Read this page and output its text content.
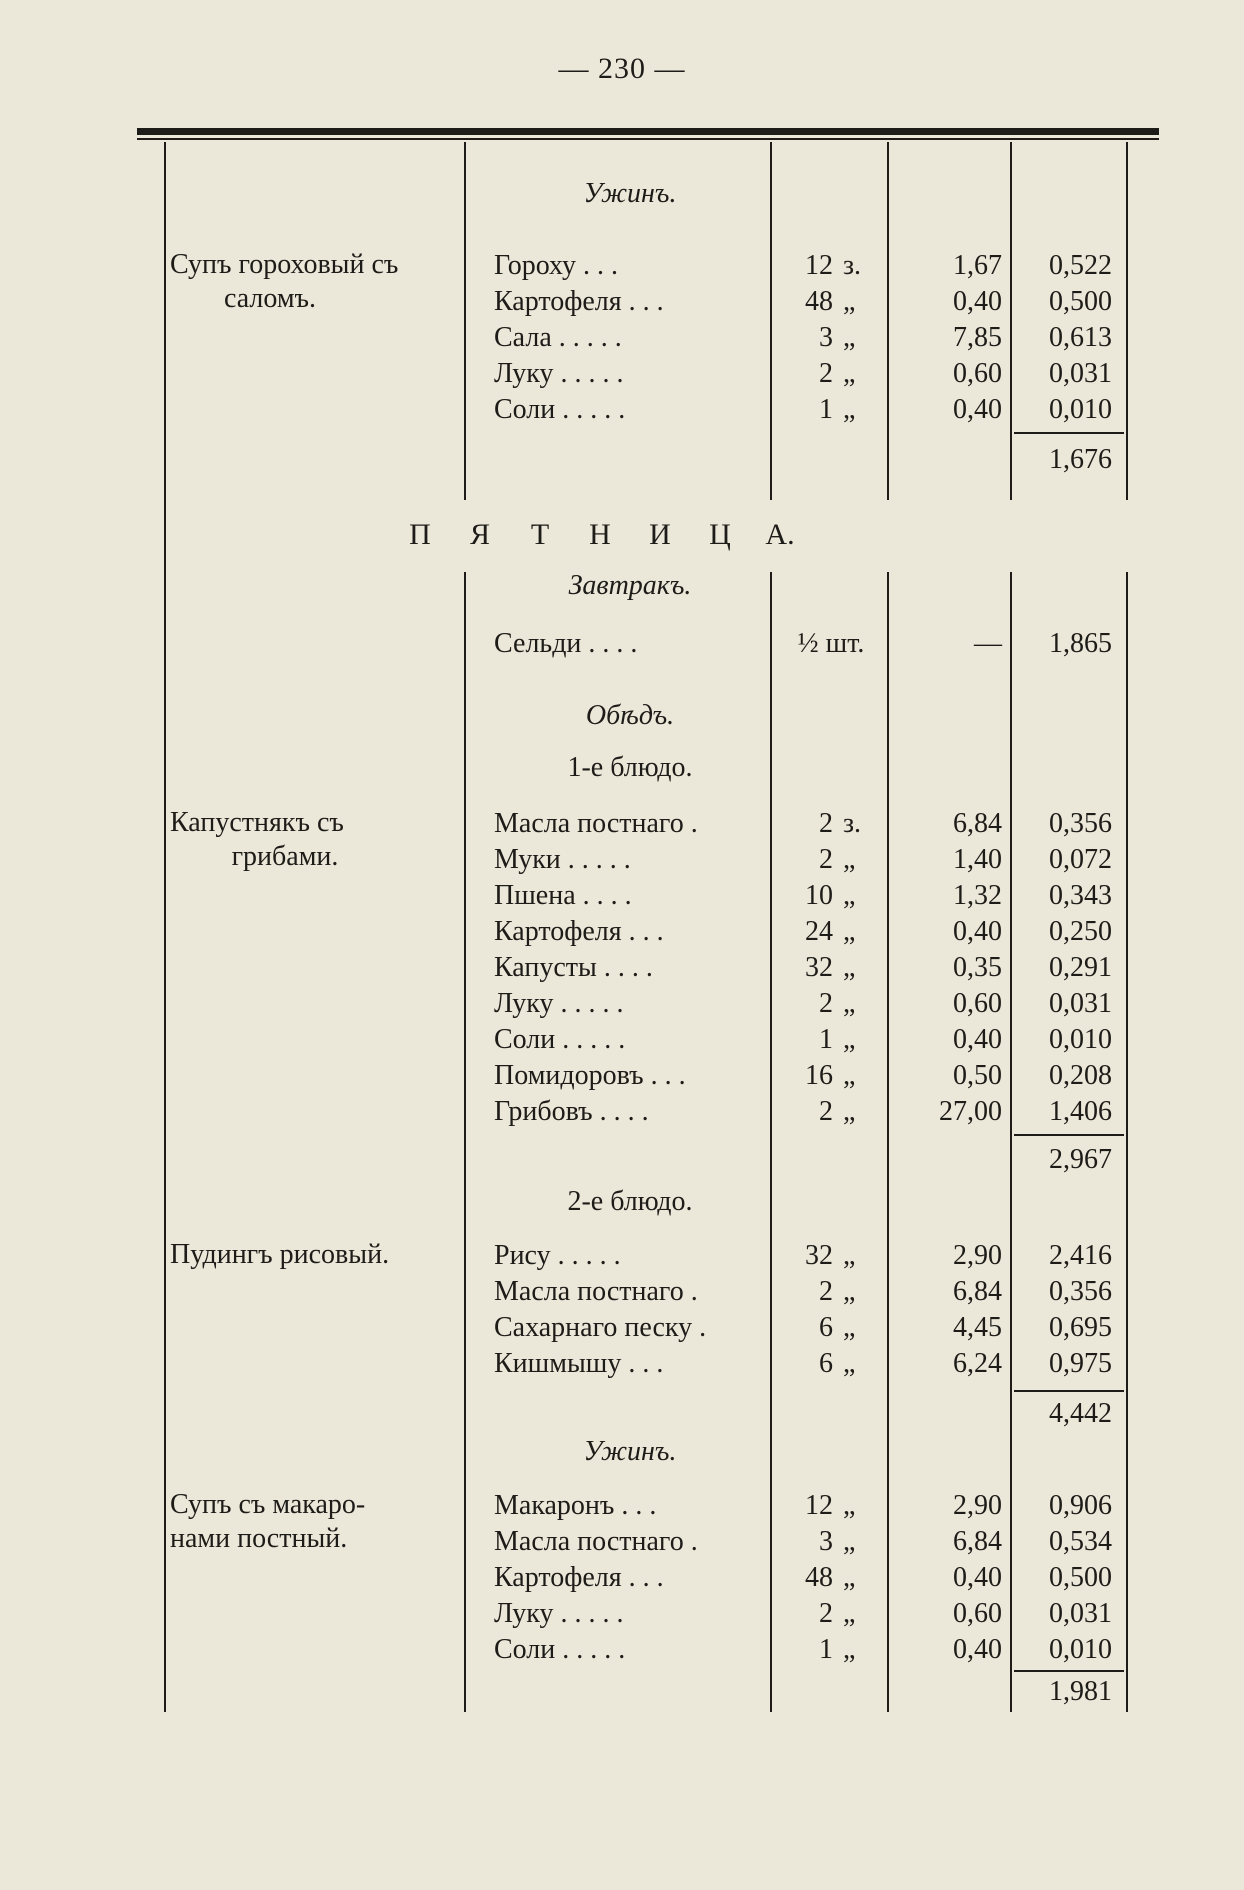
— 230 —
Ужинъ.
Супъ гороховый съ
саломъ.
Гороху . . .	12 з.	1,67	0,522
Картофеля . . .	48 „	0,40	0,500
Сала . . . . .	3 „	7,85	0,613
Луку . . . . .	2 „	0,60	0,031
Соли . . . . .	1 „	0,40	0,010
1,676
П Я Т Н И Ц А.
Завтракъ.
Сельди . . . .	½ шт.	—	1,865
Обѣдъ.
1-е блюдо.
Капустнякъ съ
грибами.
Масла постнаго .	2 з.	6,84	0,356
Муки . . . . .	2 „	1,40	0,072
Пшена . . . .	10 „	1,32	0,343
Картофеля . . .	24 „	0,40	0,250
Капусты . . . .	32 „	0,35	0,291
Луку . . . . .	2 „	0,60	0,031
Соли . . . . .	1 „	0,40	0,010
Помидоровъ . . .	16 „	0,50	0,208
Грибовъ . . . .	2 „	27,00	1,406
2,967
2-е блюдо.
Пудингъ рисовый.	Рису . . . . .	32 „	2,90	2,416
Масла постнаго .	2 „	6,84	0,356
Сахарнаго песку .	6 „	4,45	0,695
Кишмышу . . .	6 „	6,24	0,975
4,442
Ужинъ.
Супъ съ макаро-
нами постный.
Макаронъ . . .	12 „	2,90	0,906
Масла постнаго .	3 „	6,84	0,534
Картофеля . . .	48 „	0,40	0,500
Луку . . . . .	2 „	0,60	0,031
Соли . . . . .	1 „	0,40	0,010
1,981
